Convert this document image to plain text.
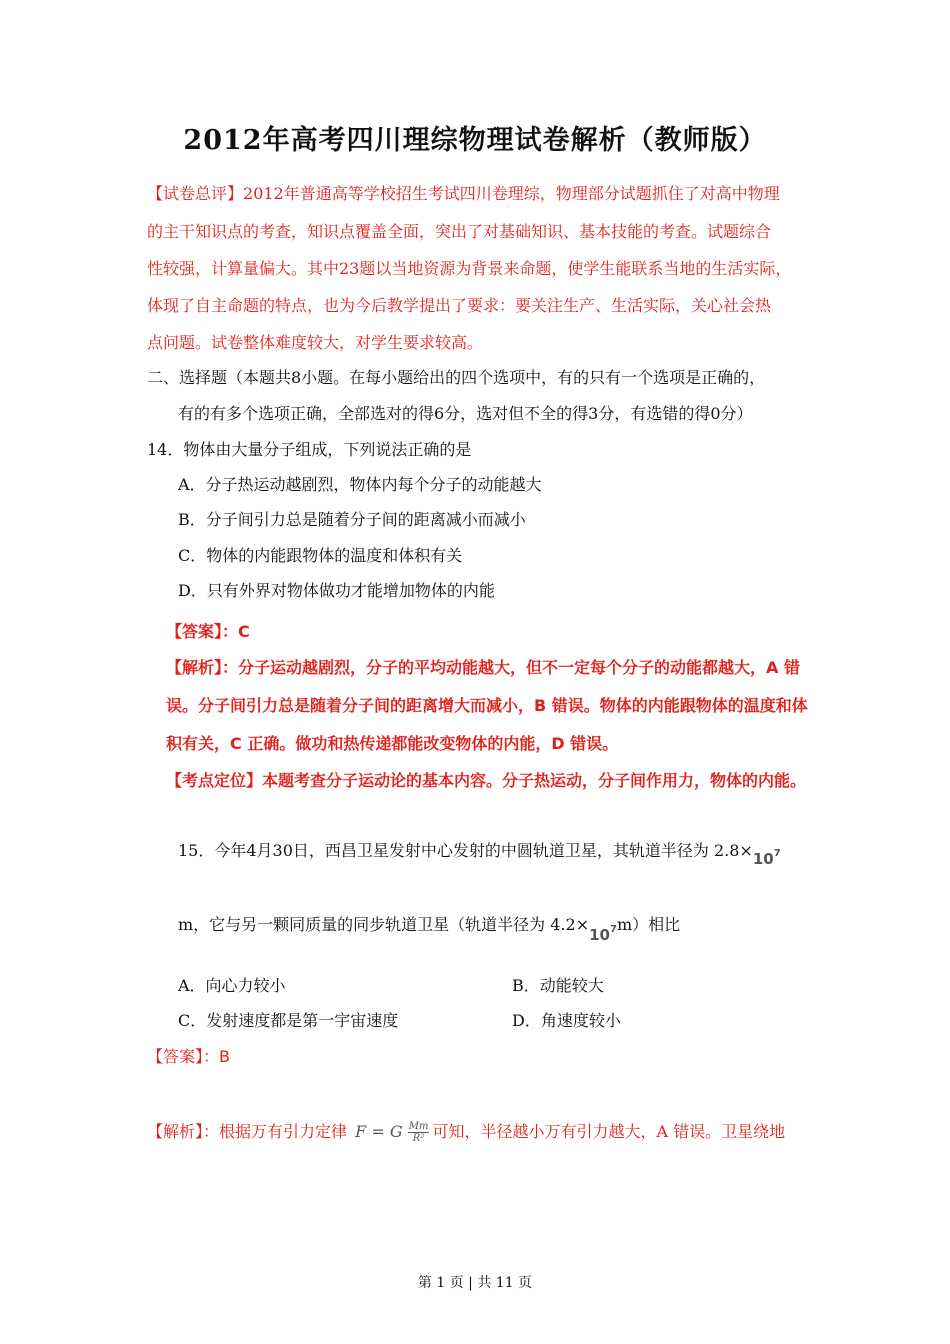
2012年高考四川理综物理试卷解析（教师版）
【试卷总评】2012年普通高等学校招生考试四川卷理综，物理部分试题抓住了对高中物理
的主干知识点的考查，知识点覆盖全面，突出了对基础知识、基本技能的考查。试题综合
性较强，计算量偏大。其中23题以当地资源为背景来命题，使学生能联系当地的生活实际，
体现了自主命题的特点，也为今后教学提出了要求：要关注生产、生活实际，关心社会热
点问题。试卷整体难度较大，对学生要求较高。
二、选择题（本题共8小题。在每小题给出的四个选项中，有的只有一个选项是正确的，
有的有多个选项正确，全部选对的得6分，选对但不全的得3分，有选错的得0分）
14．物体由大量分子组成，下列说法正确的是
A．分子热运动越剧烈，物体内每个分子的动能越大
B．分子间引力总是随着分子间的距离减小而减小
C．物体的内能跟物体的温度和体积有关
D．只有外界对物体做功才能增加物体的内能
【答案】：C
【解析】：分子运动越剧烈，分子的平均动能越大，但不一定每个分子的动能都越大，A 错
误。分子间引力总是随着分子间的距离增大而减小，B 错误。物体的内能跟物体的温度和体
积有关，C 正确。做功和热传递都能改变物体的内能，D 错误。
【考点定位】本题考查分子运动论的基本内容。分子热运动，分子间作用力，物体的内能。
15．今年4月30日，西昌卫星发射中心发射的中圆轨道卫星，其轨道半径为 $2.8\times 10^7$
m，它与另一颗同质量的同步轨道卫星（轨道半径为 $4.2\times 10^7m$）相比
A．向心力较小	B．动能较大
C．发射速度都是第一宇宙速度	D．角速度较小
【答案】：B
【解析】：根据万有引力定律 F = G $\frac{Mm}{\text{R²}}$ 可知，半径越小万有引力越大，A 错误。卫星绕地
第 1 页 | 共 11 页
